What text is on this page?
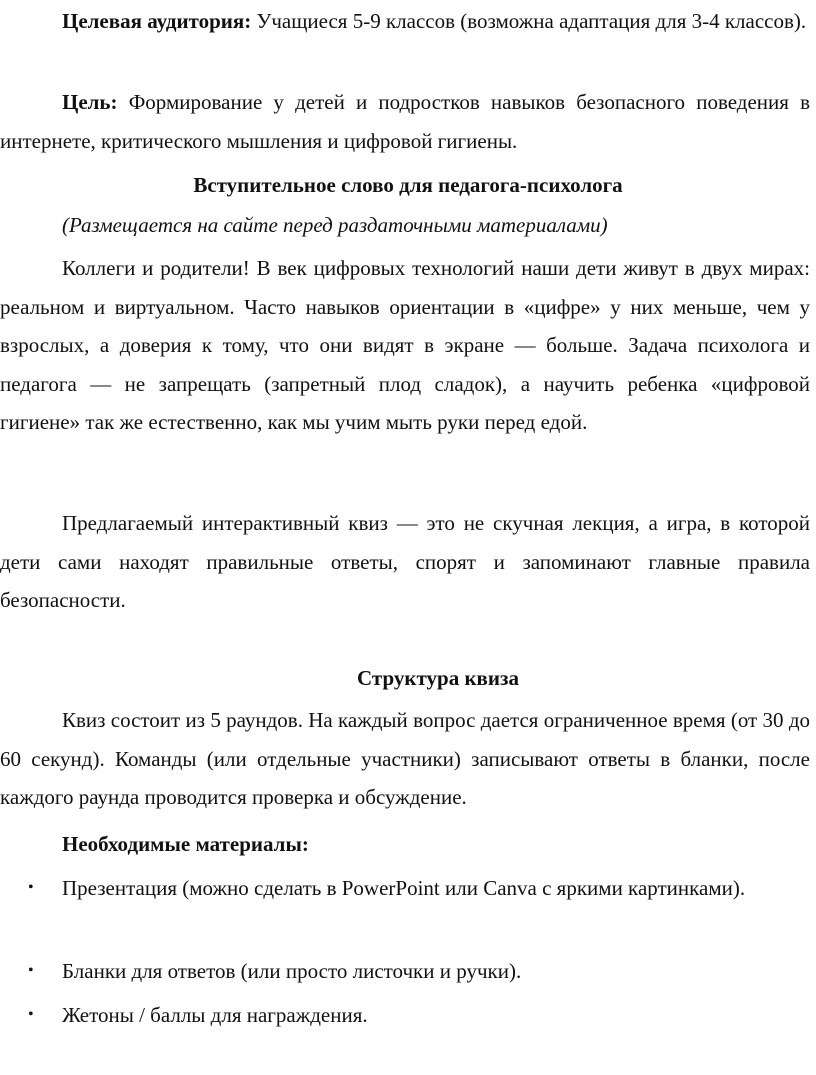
Целевая аудитория: Учащиеся 5-9 классов (возможна адаптация для 3-4 классов).

Цель: Формирование у детей и подростков навыков безопасного поведения в интернете, критического мышления и цифровой гигиены.

Вступительное слово для педагога-психолога

(Размещается на сайте перед раздаточными материалами)

Коллеги и родители! В век цифровых технологий наши дети живут в двух мирах: реальном и виртуальном. Часто навыков ориентации в «цифре» у них меньше, чем у взрослых, а доверия к тому, что они видят в экране — больше. Задача психолога и педагога — не запрещать (запретный плод сладок), а научить ребенка «цифровой гигиене» так же естественно, как мы учим мыть руки перед едой.

Предлагаемый интерактивный квиз — это не скучная лекция, а игра, в которой дети сами находят правильные ответы, спорят и запоминают главные правила безопасности.

Структура квиза

Квиз состоит из 5 раундов. На каждый вопрос дается ограниченное время (от 30 до 60 секунд). Команды (или отдельные участники) записывают ответы в бланки, после каждого раунда проводится проверка и обсуждение.

Необходимые материалы:

• Презентация (можно сделать в PowerPoint или Canva с яркими картинками).
• Бланки для ответов (или просто листочки и ручки).
• Жетоны / баллы для награждения.
